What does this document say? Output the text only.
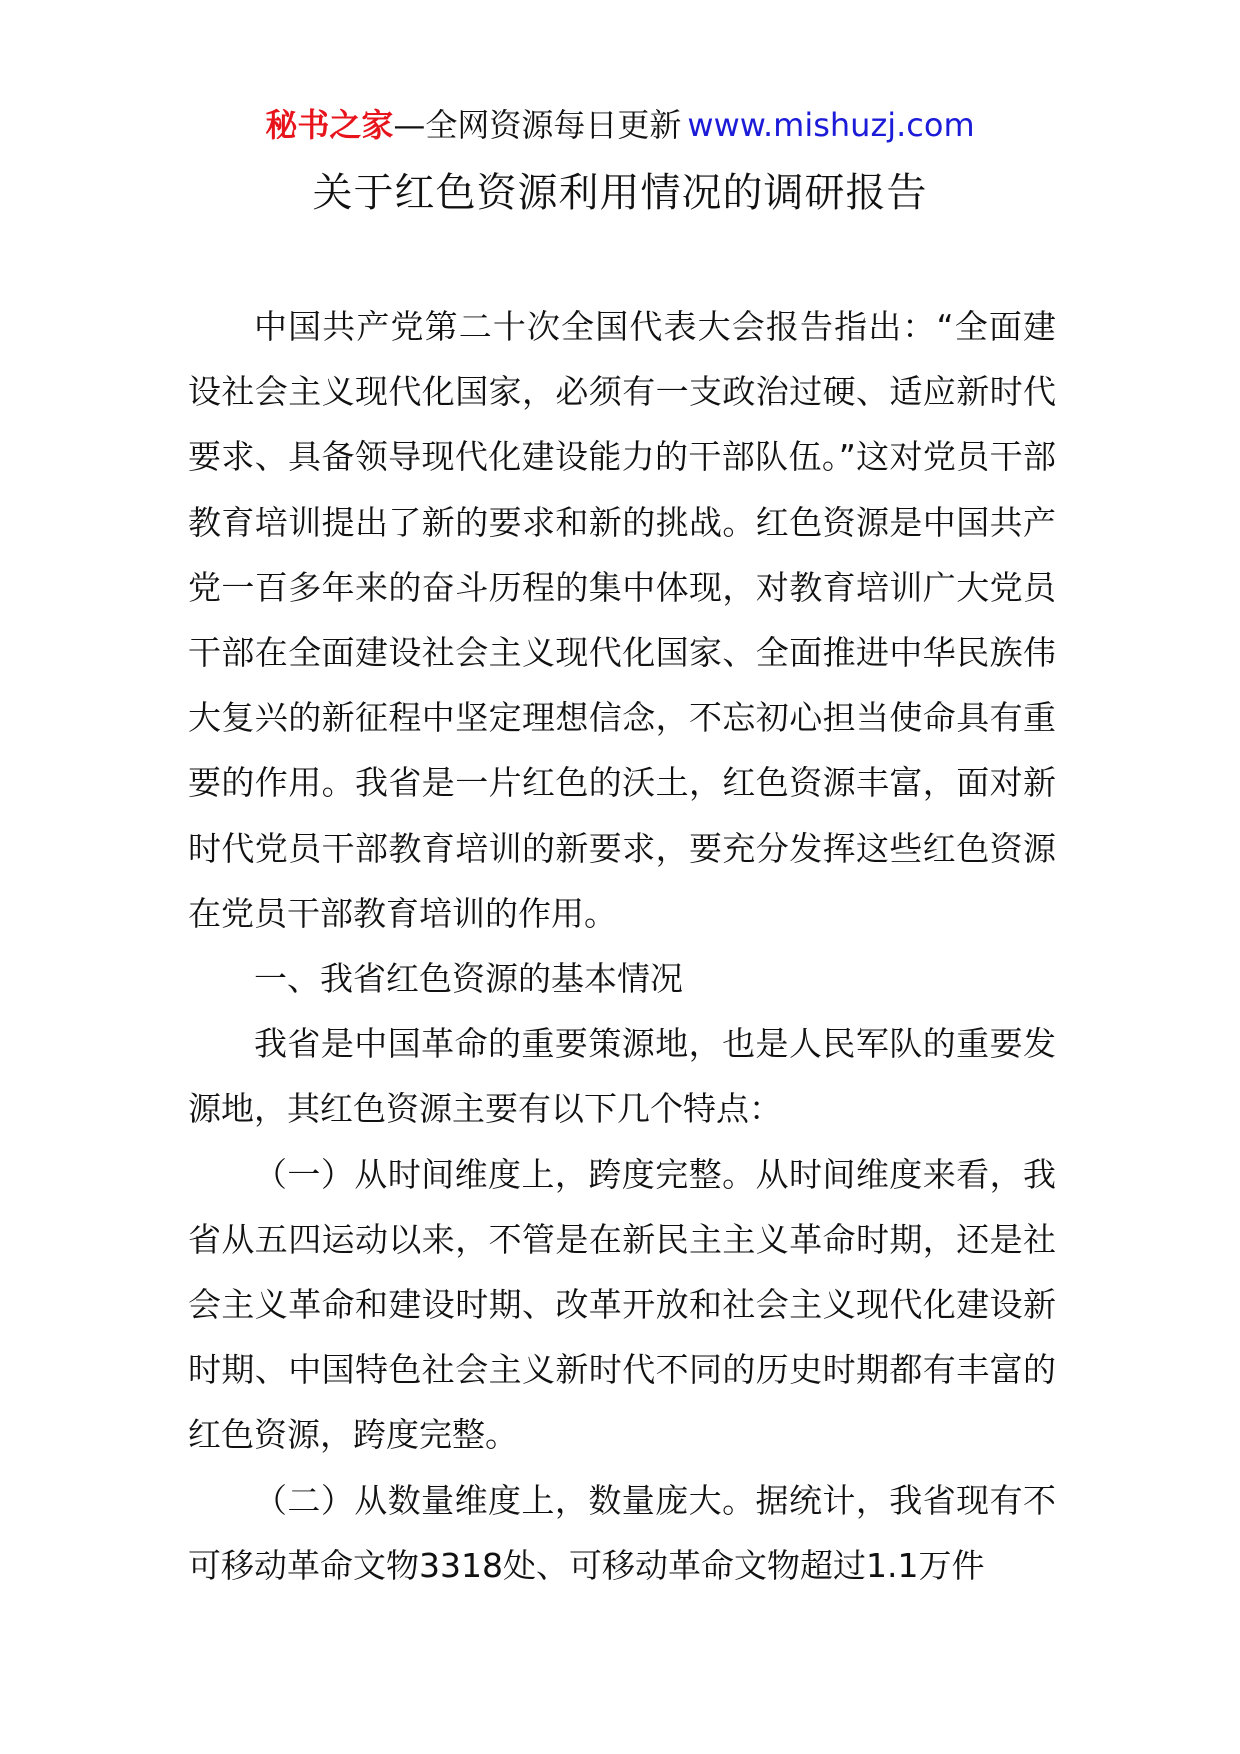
秘书之家—全网资源每日更新 www.mishuzj.com
关于红色资源利用情况的调研报告

中国共产党第二十次全国代表大会报告指出：“全面建设社会主义现代化国家，必须有一支政治过硬、适应新时代要求、具备领导现代化建设能力的干部队伍。”这对党员干部教育培训提出了新的要求和新的挑战。红色资源是中国共产党一百多年来的奋斗历程的集中体现，对教育培训广大党员干部在全面建设社会主义现代化国家、全面推进中华民族伟大复兴的新征程中坚定理想信念，不忘初心担当使命具有重要的作用。我省是一片红色的沃土，红色资源丰富，面对新时代党员干部教育培训的新要求，要充分发挥这些红色资源在党员干部教育培训的作用。

一、我省红色资源的基本情况

我省是中国革命的重要策源地，也是人民军队的重要发源地，其红色资源主要有以下几个特点：

（一）从时间维度上，跨度完整。从时间维度来看，我省从五四运动以来，不管是在新民主主义革命时期，还是社会主义革命和建设时期、改革开放和社会主义现代化建设新时期、中国特色社会主义新时代不同的历史时期都有丰富的红色资源，跨度完整。

（二）从数量维度上，数量庞大。据统计，我省现有不可移动革命文物3318处、可移动革命文物超过1.1万件
